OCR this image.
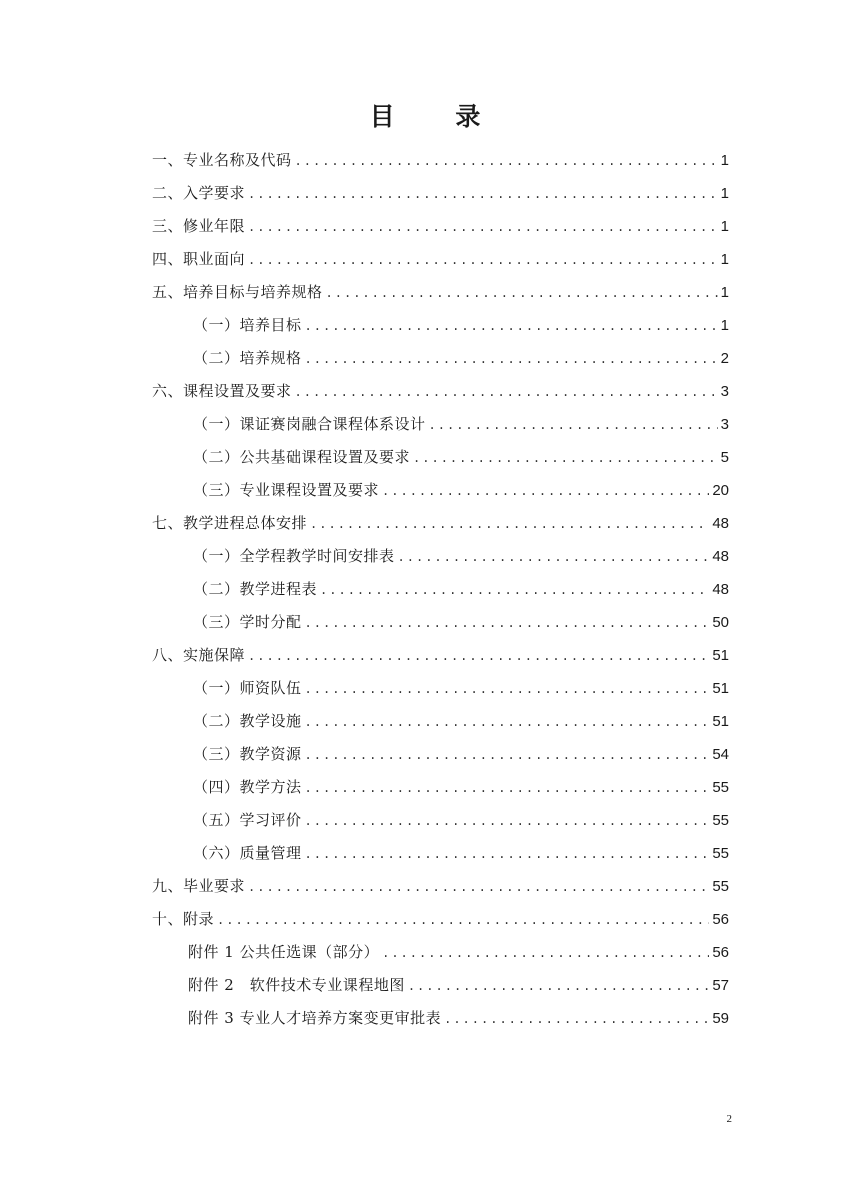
目 录
一、专业名称及代码 .....	1
二、入学要求 .....	1
三、修业年限 .....	1
四、职业面向 .....	1
五、培养目标与培养规格 .....	1
（一）培养目标 .....	1
（二）培养规格 .....	2
六、课程设置及要求 .....	3
（一）课证赛岗融合课程体系设计 .....	3
（二）公共基础课程设置及要求 .....	5
（三）专业课程设置及要求 .....	20
七、教学进程总体安排 .....	48
（一）全学程教学时间安排表 .....	48
（二）教学进程表 .....	48
（三）学时分配 .....	50
八、实施保障 .....	51
（一）师资队伍 .....	51
（二）教学设施 .....	51
（三）教学资源 .....	54
（四）教学方法 .....	55
（五）学习评价 .....	55
（六）质量管理 .....	55
九、毕业要求 .....	55
十、附录 .....	56
附件 1 公共任选课（部分） .....	56
附件 2　软件技术专业课程地图 .....	57
附件 3 专业人才培养方案变更审批表 .....	59
2
